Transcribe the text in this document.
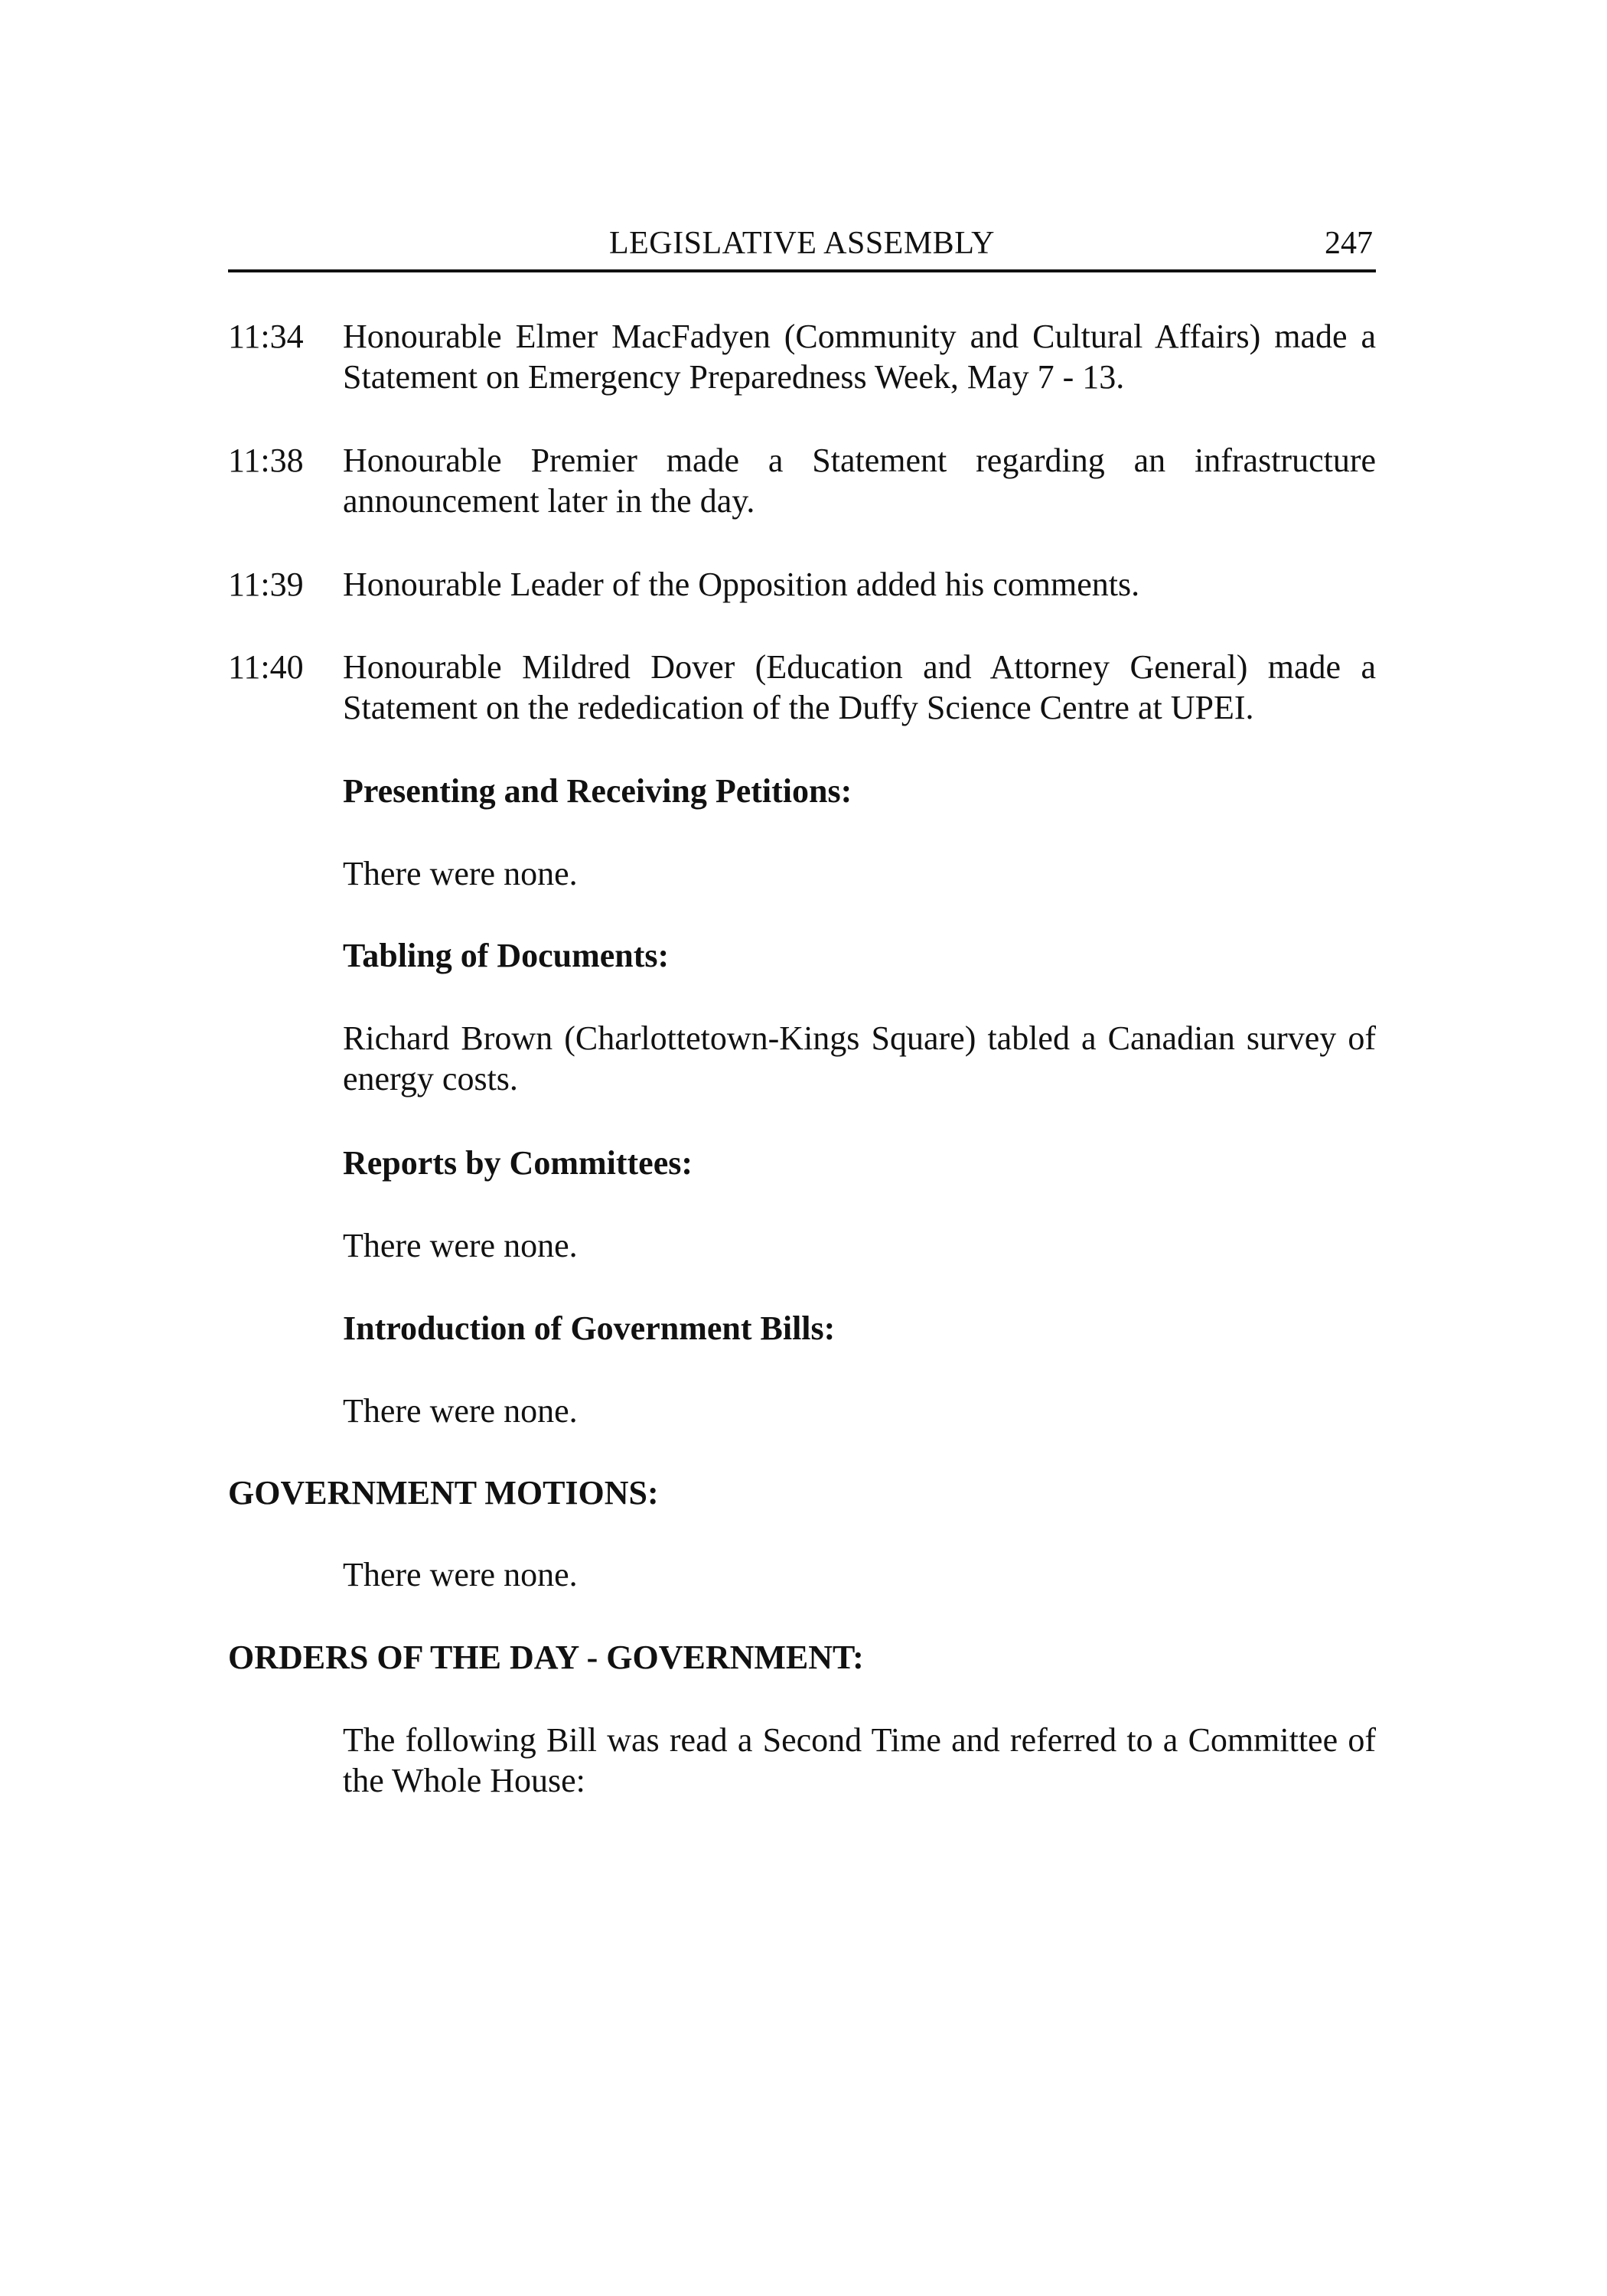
LEGISLATIVE ASSEMBLY	247
11:34	Honourable Elmer MacFadyen (Community and Cultural Affairs) made a Statement on Emergency Preparedness Week, May 7 - 13.
11:38	Honourable Premier made a Statement regarding an infrastructure announcement later in the day.
11:39	Honourable Leader of the Opposition added his comments.
11:40	Honourable Mildred Dover (Education and Attorney General) made a Statement on the rededication of the Duffy Science Centre at UPEI.
Presenting and Receiving Petitions:
There were none.
Tabling of Documents:
Richard Brown (Charlottetown-Kings Square) tabled a Canadian survey of energy costs.
Reports by Committees:
There were none.
Introduction of Government Bills:
There were none.
GOVERNMENT MOTIONS:
There were none.
ORDERS OF THE DAY - GOVERNMENT:
The following Bill was read a Second Time and referred to a Committee of the Whole House:
